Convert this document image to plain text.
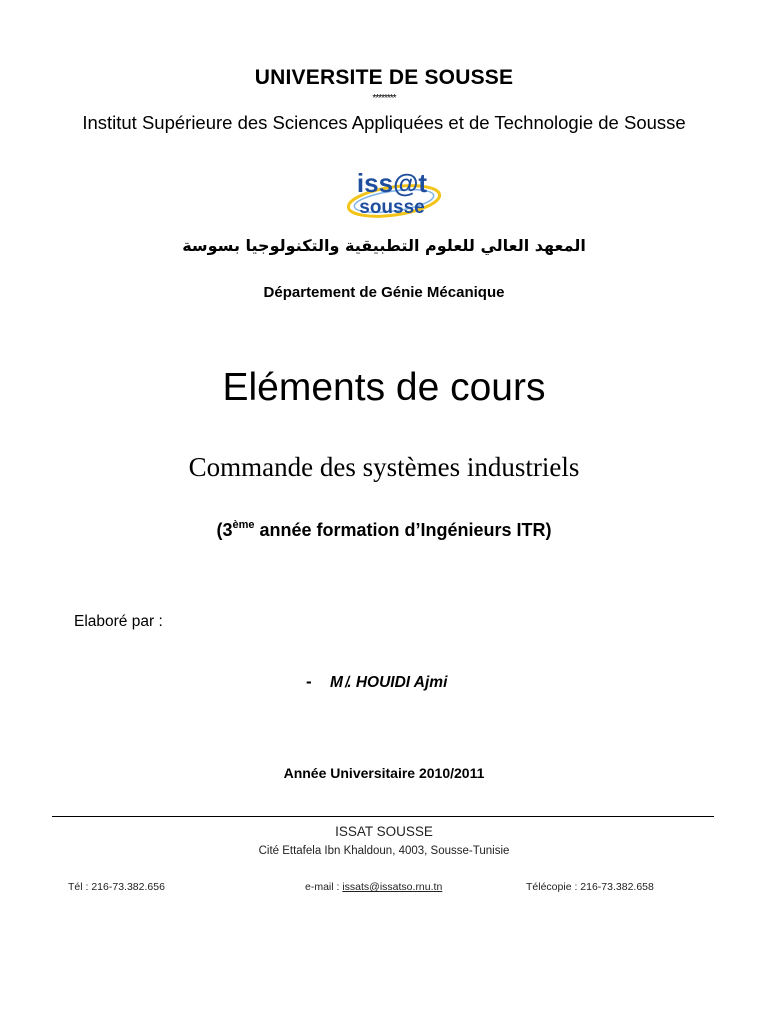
UNIVERSITE DE SOUSSE
********
Institut Supérieure des Sciences Appliquées et de Technologie de Sousse
iss@t
sousse
المعهد العالي للعلوم التطبيقية والتكنولوجيا بسوسة
Département de Génie Mécanique
Eléments de cours
Commande des systèmes industriels
(3ème année formation d’Ingénieurs ITR)
Elaboré par :
- M ̸. HOUIDI Ajmi
Année Universitaire 2010/2011
ISSAT SOUSSE
Cité Ettafela Ibn Khaldoun, 4003, Sousse-Tunisie
Tél : 216-73.382.656	e-mail : issats@issatso.rnu.tn	Télécopie : 216-73.382.658
